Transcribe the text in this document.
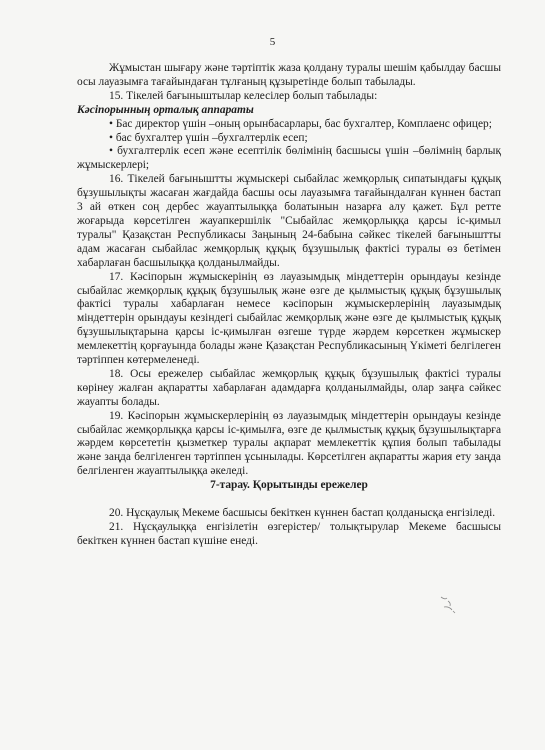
5

Жұмыстан шығару және тәртіптік жаза қолдану туралы шешім қабылдау басшы осы лауазымға тағайындаған тұлғаның құзыретінде болып табылады.

15. Тікелей бағыныштылар келесілер болып табылады:

Кәсіпорынның орталық аппараты

• Бас директор үшін –оның орынбасарлары, бас бухгалтер, Комплаенс офицер;

• бас бухгалтер үшін –бухгалтерлік есеп;

• бухгалтерлік есеп және есептілік бөлімінің басшысы үшін –бөлімнің барлық жұмыскерлері;

16. Тікелей бағыныштты жұмыскері сыбайлас жемқорлық сипатындағы құқық бұзушылықты жасаған жағдайда басшы осы лауазымға тағайындалған күннен бастап 3 ай өткен соң дербес жауаптылыққа болатынын назарға алу қажет. Бұл ретте жоғарыда көрсетілген жауапкершілік "Сыбайлас жемқорлыққа қарсы іс-қимыл туралы" Қазақстан Республикасы Заңының 24-бабына сәйкес тікелей бағыныштты адам жасаған сыбайлас жемқорлық құқық бұзушылық фактісі туралы өз бетімен хабарлаған басшылыққа қолданылмайды.

17. Кәсіпорын жұмыскерінің өз лауазымдық міндеттерін орындауы кезінде сыбайлас жемқорлық құқық бұзушылық және өзге де қылмыстық құқық бұзушылық фактісі туралы хабарлаған немесе кәсіпорын жұмыскерлерінің лауазымдық міндеттерін орындауы кезіндегі сыбайлас жемқорлық және өзге де қылмыстық құқық бұзушылықтарына қарсы іс-қимылған өзгеше түрде жәрдем көрсеткен жұмыскер мемлекеттің қорғауында болады және Қазақстан Республикасының Үкіметі белгілеген тәртіппен көтермеленеді.

18. Осы ережелер сыбайлас жемқорлық құқық бұзушылық фактісі туралы көрінеу жалған ақпаратты хабарлаған адамдарға қолданылмайды, олар заңға сәйкес жауапты болады.

19. Кәсіпорын жұмыскерлерінің өз лауазымдық міндеттерін орындауы кезінде сыбайлас жемқорлыққа қарсы іс-қимылға, өзге де қылмыстық құқық бұзушылықтарға жәрдем көрсететін қызметкер туралы ақпарат мемлекеттік құпия болып табылады және заңда белгіленген тәртіппен ұсынылады. Көрсетілген ақпаратты жария ету заңда белгіленген жауаптылыққа әкеледі.

7-тарау. Қорытынды ережелер

20. Нұсқаулық Мекеме басшысы бекіткен күннен бастап қолданысқа енгізіледі.

21. Нұсқаулыққа енгізілетін өзгерістер/ толықтырулар Мекеме басшысы бекіткен күннен бастап күшіне енеді.
